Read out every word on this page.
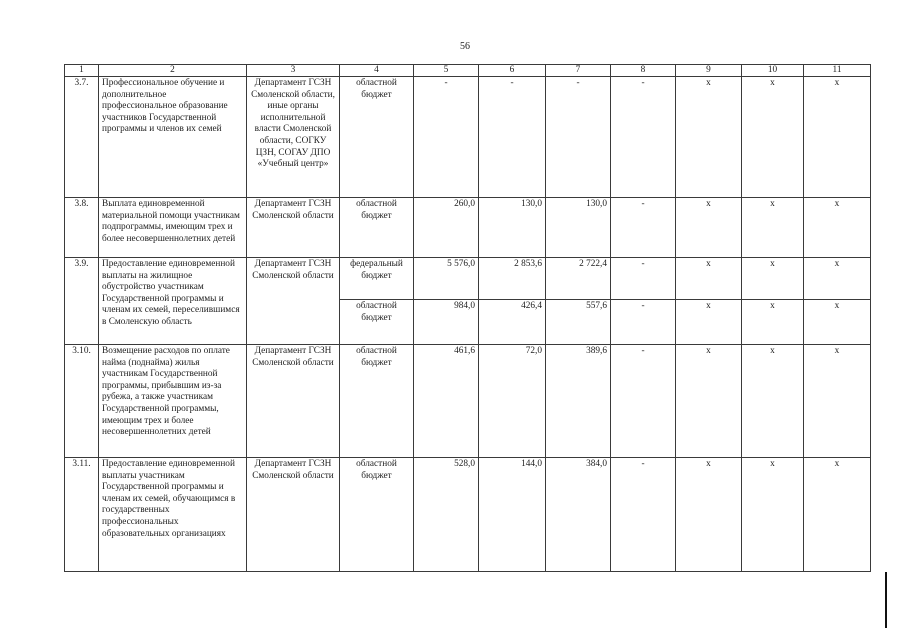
56
1	2	3	4	5	6	7	8	9	10	11
3.7.	Профессиональное обучение и дополнительное профессиональное образование участников Государственной программы и членов их семей	Департамент ГСЗН Смоленской области, иные органы исполнительной власти Смоленской области, СОГКУ ЦЗН, СОГАУ ДПО «Учебный центр»	областной бюджет	-	-	-	-	х	х	х
3.8.	Выплата единовременной материальной помощи участникам подпрограммы, имеющим трех и более несовершеннолетних детей	Департамент ГСЗН Смоленской области	областной бюджет	260,0	130,0	130,0	-	х	х	х
3.9.	Предоставление единовременной выплаты на жилищное обустройство участникам Государственной программы и членам их семей, переселившимся в Смоленскую область	Департамент ГСЗН Смоленской области	федеральный бюджет	5 576,0	2 853,6	2 722,4	-	х	х	х
			областной бюджет	984,0	426,4	557,6	-	х	х	х
3.10.	Возмещение расходов по оплате найма (поднайма) жилья участникам Государственной программы, прибывшим из-за рубежа, а также участникам Государственной программы, имеющим трех и более несовершеннолетних детей	Департамент ГСЗН Смоленской области	областной бюджет	461,6	72,0	389,6	-	х	х	х
3.11.	Предоставление единовременной выплаты участникам Государственной программы и членам их семей, обучающимся в государственных профессиональных образовательных организациях	Департамент ГСЗН Смоленской области	областной бюджет	528,0	144,0	384,0	-	х	х	х
